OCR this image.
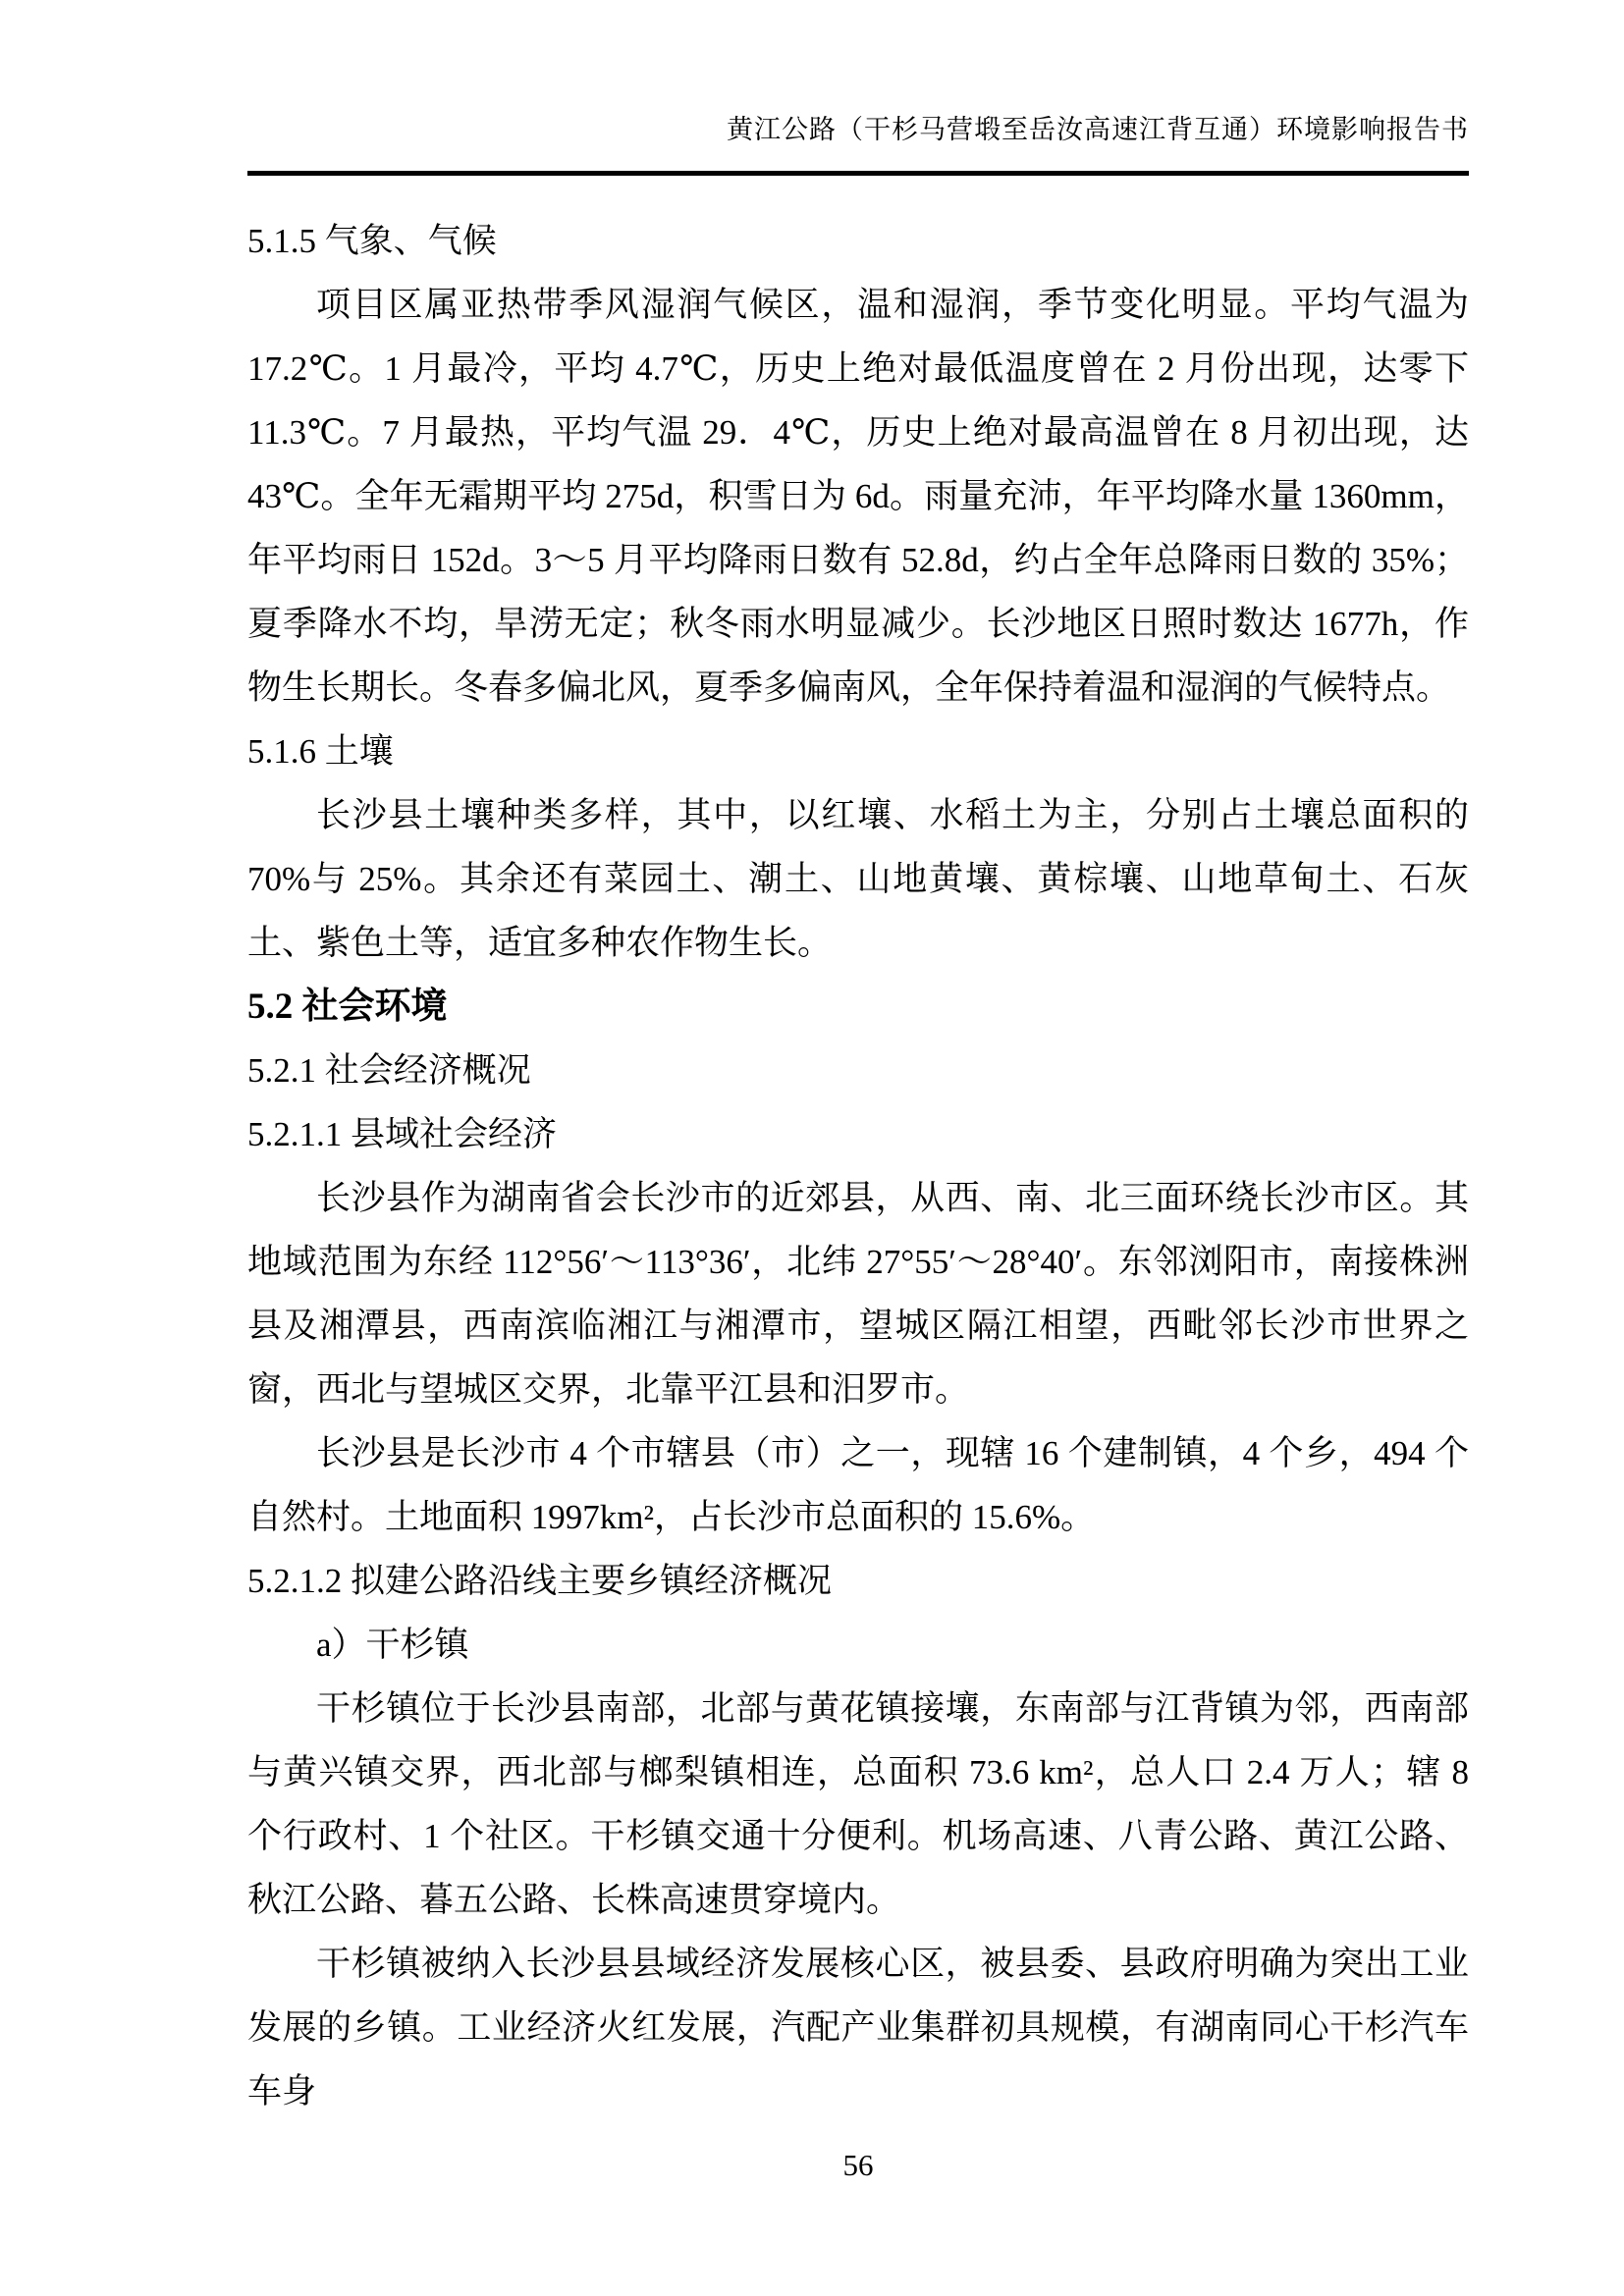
黄江公路（干杉马营塅至岳汝高速江背互通）环境影响报告书
5.1.5 气象、气候

项目区属亚热带季风湿润气候区，温和湿润，季节变化明显。平均气温为 17.2℃。1 月最冷，平均 4.7℃，历史上绝对最低温度曾在 2 月份出现，达零下 11.3℃。7 月最热，平均气温 29．4℃，历史上绝对最高温曾在 8 月初出现，达 43℃。全年无霜期平均 275d，积雪日为 6d。雨量充沛，年平均降水量 1360mm，年平均雨日 152d。3～5 月平均降雨日数有 52.8d，约占全年总降雨日数的 35%；夏季降水不均，旱涝无定；秋冬雨水明显减少。长沙地区日照时数达 1677h，作物生长期长。冬春多偏北风，夏季多偏南风，全年保持着温和湿润的气候特点。

5.1.6 土壤

长沙县土壤种类多样，其中，以红壤、水稻土为主，分别占土壤总面积的 70%与 25%。其余还有菜园土、潮土、山地黄壤、黄棕壤、山地草甸土、石灰土、紫色土等，适宜多种农作物生长。

5.2 社会环境
5.2.1 社会经济概况
5.2.1.1 县域社会经济

长沙县作为湖南省会长沙市的近郊县，从西、南、北三面环绕长沙市区。其地域范围为东经 112°56′～113°36′，北纬 27°55′～28°40′。东邻浏阳市，南接株洲县及湘潭县，西南滨临湘江与湘潭市，望城区隔江相望，西毗邻长沙市世界之窗，西北与望城区交界，北靠平江县和汨罗市。

长沙县是长沙市 4 个市辖县（市）之一，现辖 16 个建制镇，4 个乡，494 个自然村。土地面积 1997km²，占长沙市总面积的 15.6%。

5.2.1.2 拟建公路沿线主要乡镇经济概况

a）干杉镇

干杉镇位于长沙县南部，北部与黄花镇接壤，东南部与江背镇为邻，西南部与黄兴镇交界，西北部与榔梨镇相连，总面积 73.6 km²，总人口 2.4 万人；辖 8 个行政村、1 个社区。干杉镇交通十分便利。机场高速、八青公路、黄江公路、秋江公路、暮五公路、长株高速贯穿境内。

干杉镇被纳入长沙县县域经济发展核心区，被县委、县政府明确为突出工业发展的乡镇。工业经济火红发展，汽配产业集群初具规模，有湖南同心干杉汽车车身

56
